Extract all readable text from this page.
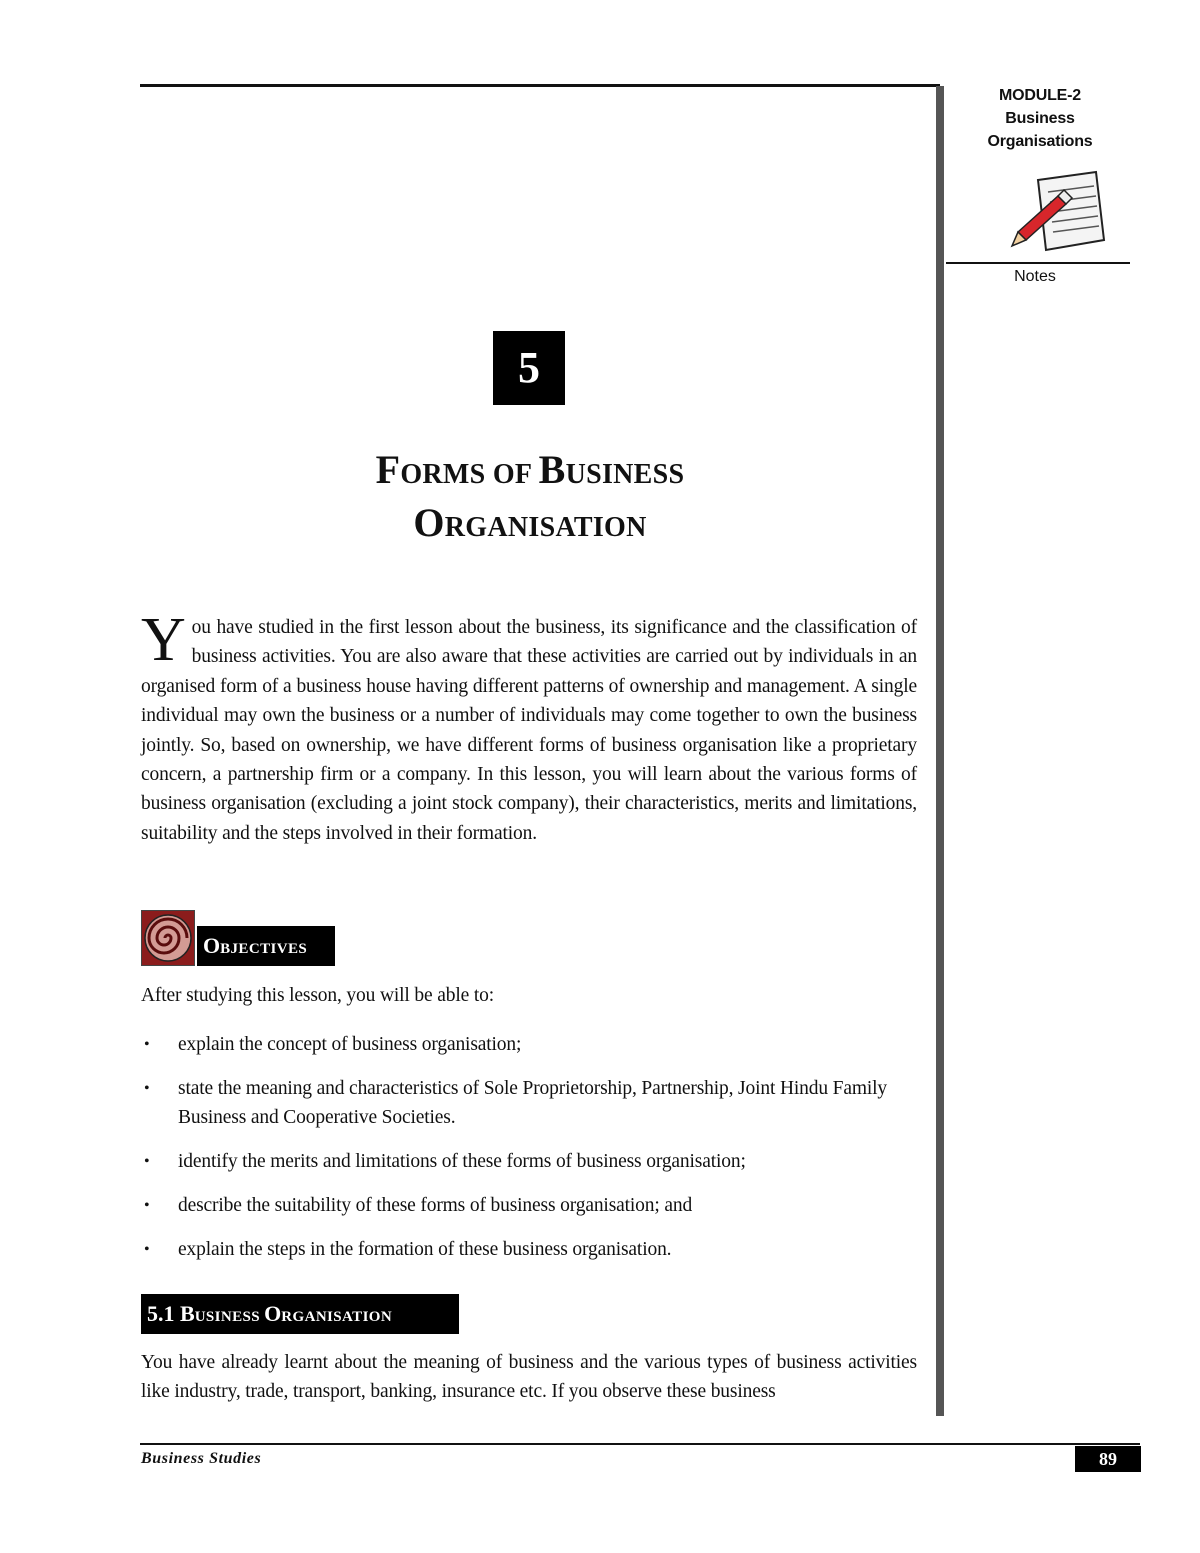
MODULE-2
Business
Organisations
Notes
5
FORMS OF BUSINESS
ORGANISATION
You have studied in the first lesson about the business, its significance and the classification of business activities. You are also aware that these activities are carried out by individuals in an organised form of a business house having different patterns of ownership and management. A single individual may own the business or a number of individuals may come together to own the business jointly. So, based on ownership, we have different forms of business organisation like a proprietary concern, a partnership firm or a company. In this lesson, you will learn about the various forms of business organisation (excluding a joint stock company), their characteristics, merits and limitations, suitability and the steps involved in their formation.
OBJECTIVES
After studying this lesson, you will be able to:
• explain the concept of business organisation;
• state the meaning and characteristics of Sole Proprietorship, Partnership, Joint Hindu Family Business and Cooperative Societies.
• identify the merits and limitations of these forms of business organisation;
• describe the suitability of these forms of business organisation; and
• explain the steps in the formation of these business organisation.
5.1 BUSINESS ORGANISATION
You have already learnt about the meaning of business and the various types of business activities like industry, trade, transport, banking, insurance etc. If you observe these business
Business Studies	89
